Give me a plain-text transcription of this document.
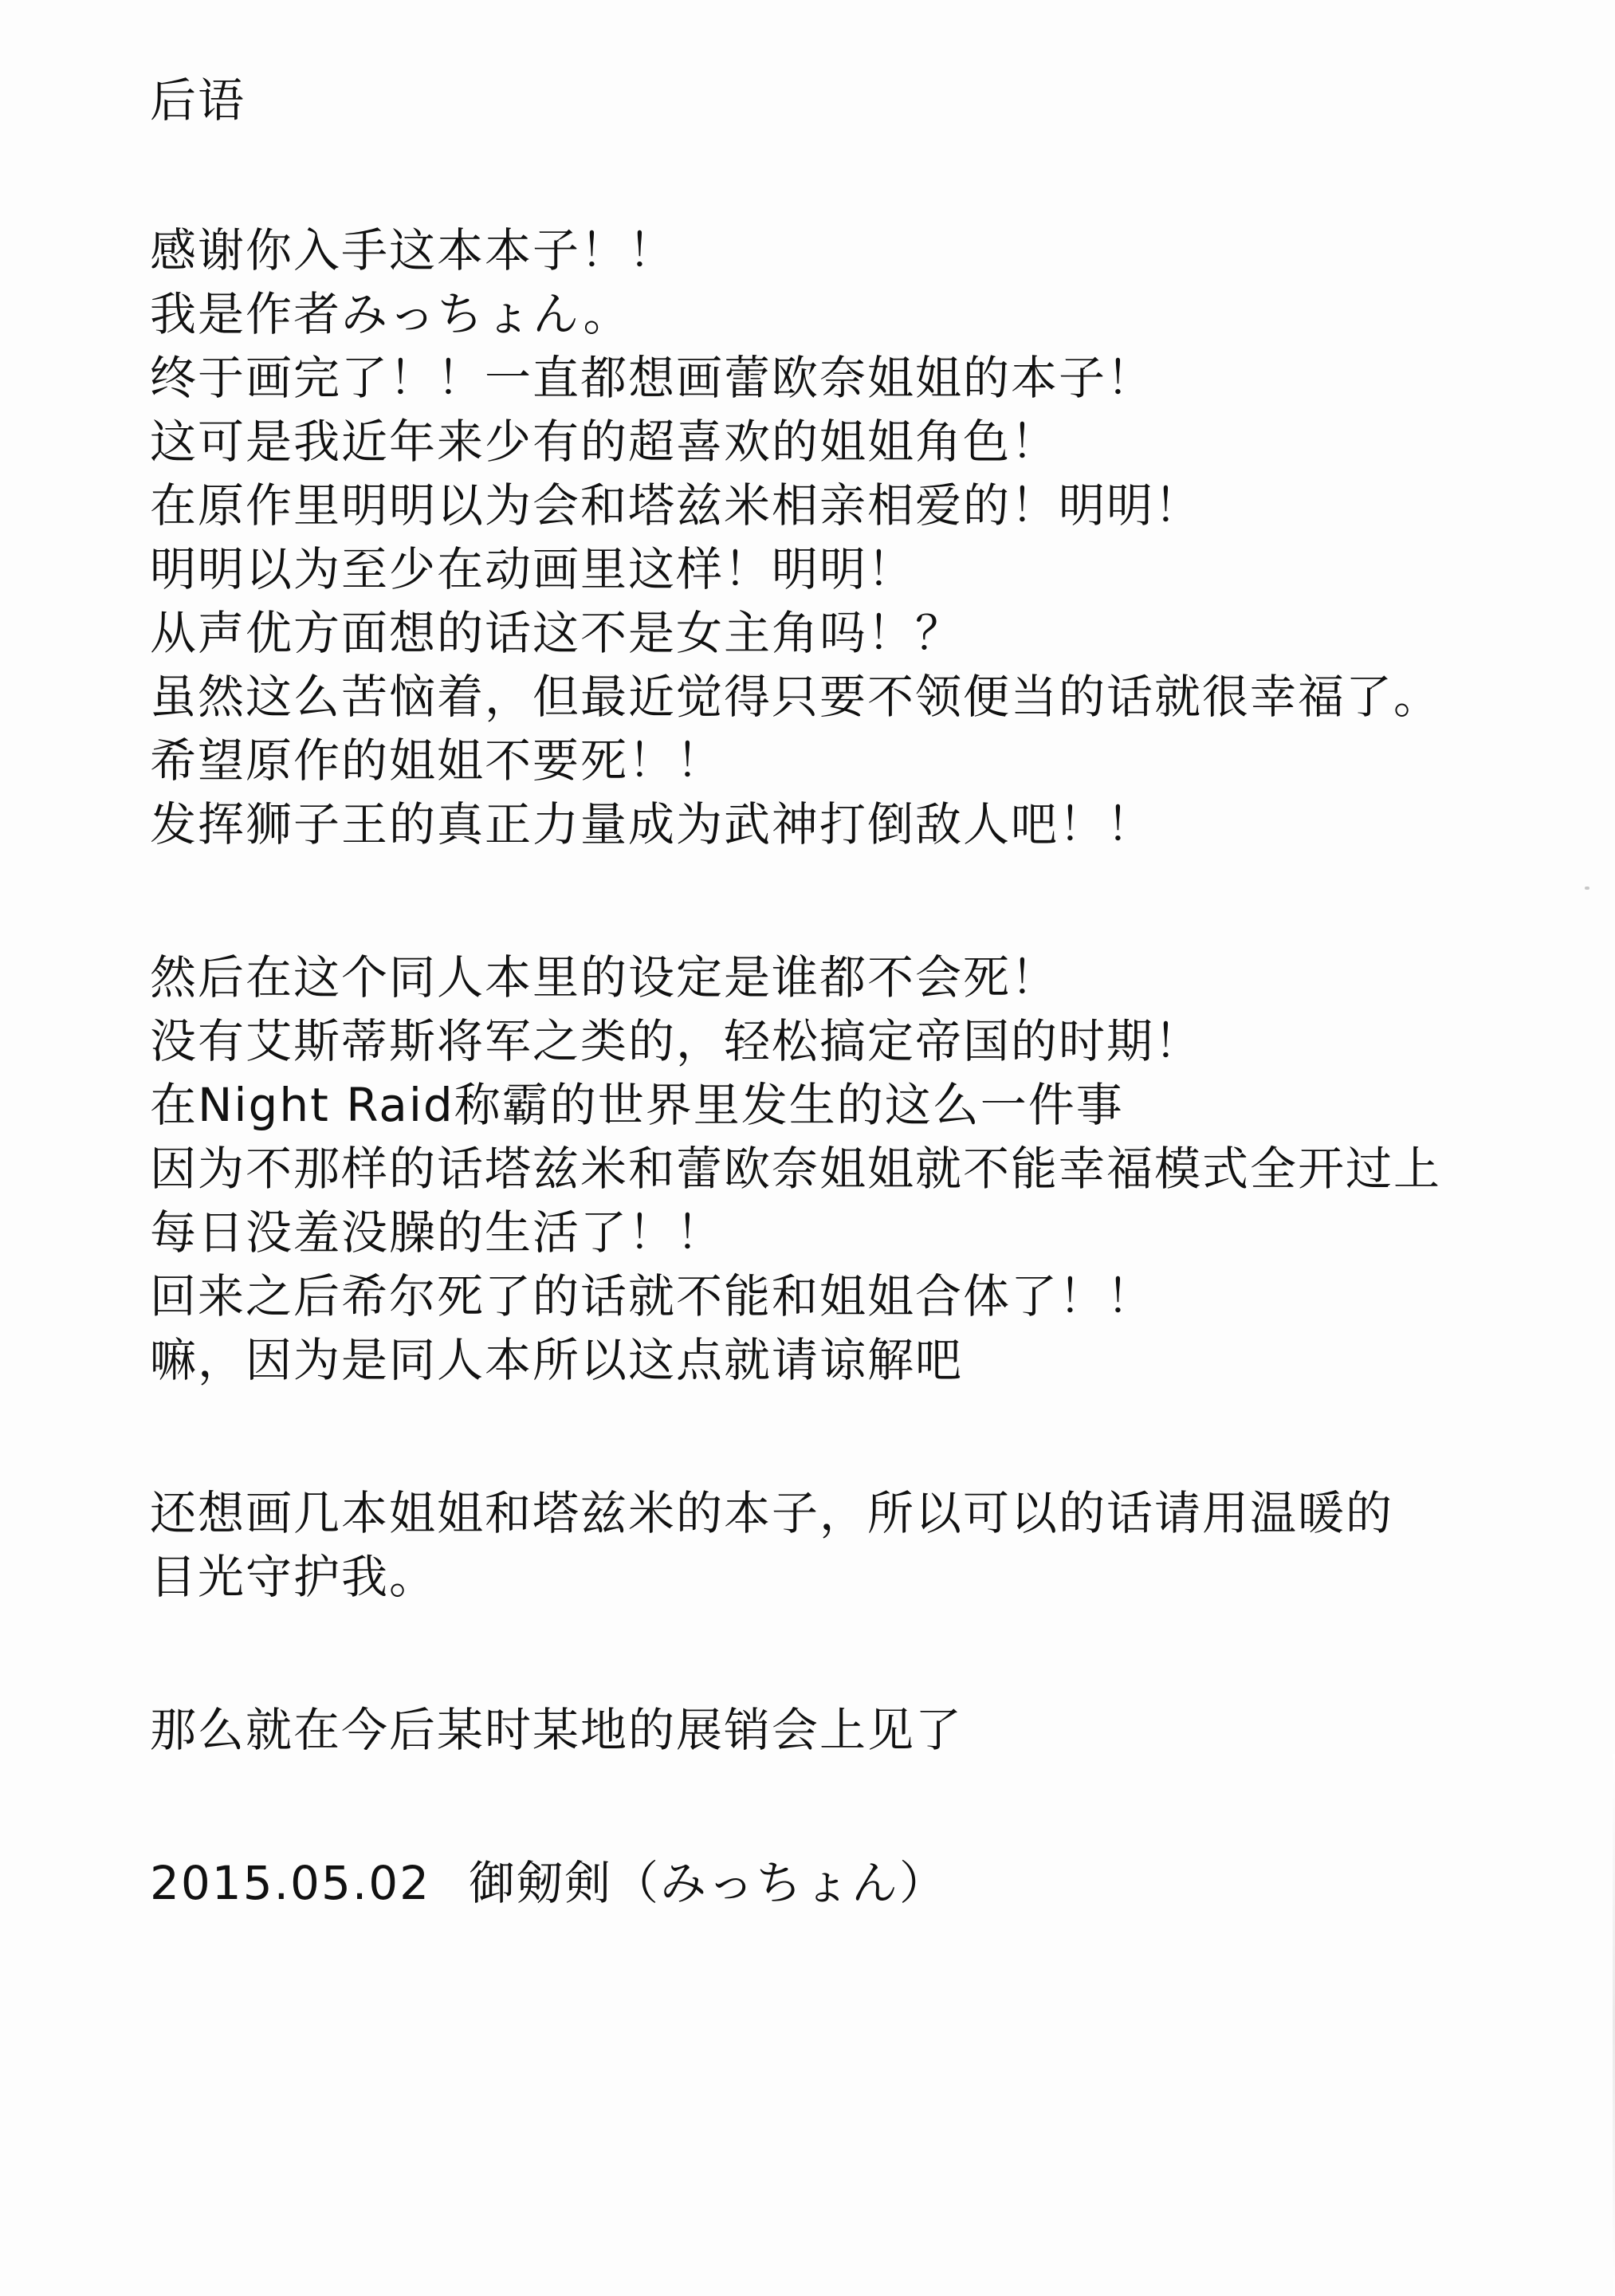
后语
感谢你入手这本本子！！
我是作者みっちょん。
终于画完了！！一直都想画蕾欧奈姐姐的本子！
这可是我近年来少有的超喜欢的姐姐角色！
在原作里明明以为会和塔兹米相亲相爱的！明明！
明明以为至少在动画里这样！明明！
从声优方面想的话这不是女主角吗！？
虽然这么苦恼着，但最近觉得只要不领便当的话就很幸福了。
希望原作的姐姐不要死！！
发挥狮子王的真正力量成为武神打倒敌人吧！！
然后在这个同人本里的设定是谁都不会死！
没有艾斯蒂斯将军之类的，轻松搞定帝国的时期！
在Night Raid称霸的世界里发生的这么一件事
因为不那样的话塔兹米和蕾欧奈姐姐就不能幸福模式全开过上
每日没羞没臊的生活了！！
回来之后希尔死了的话就不能和姐姐合体了！！
嘛，因为是同人本所以这点就请谅解吧
还想画几本姐姐和塔兹米的本子，所以可以的话请用温暖的
目光守护我。
那么就在今后某时某地的展销会上见了
2015.05.02 御剱剣（みっちょん）
